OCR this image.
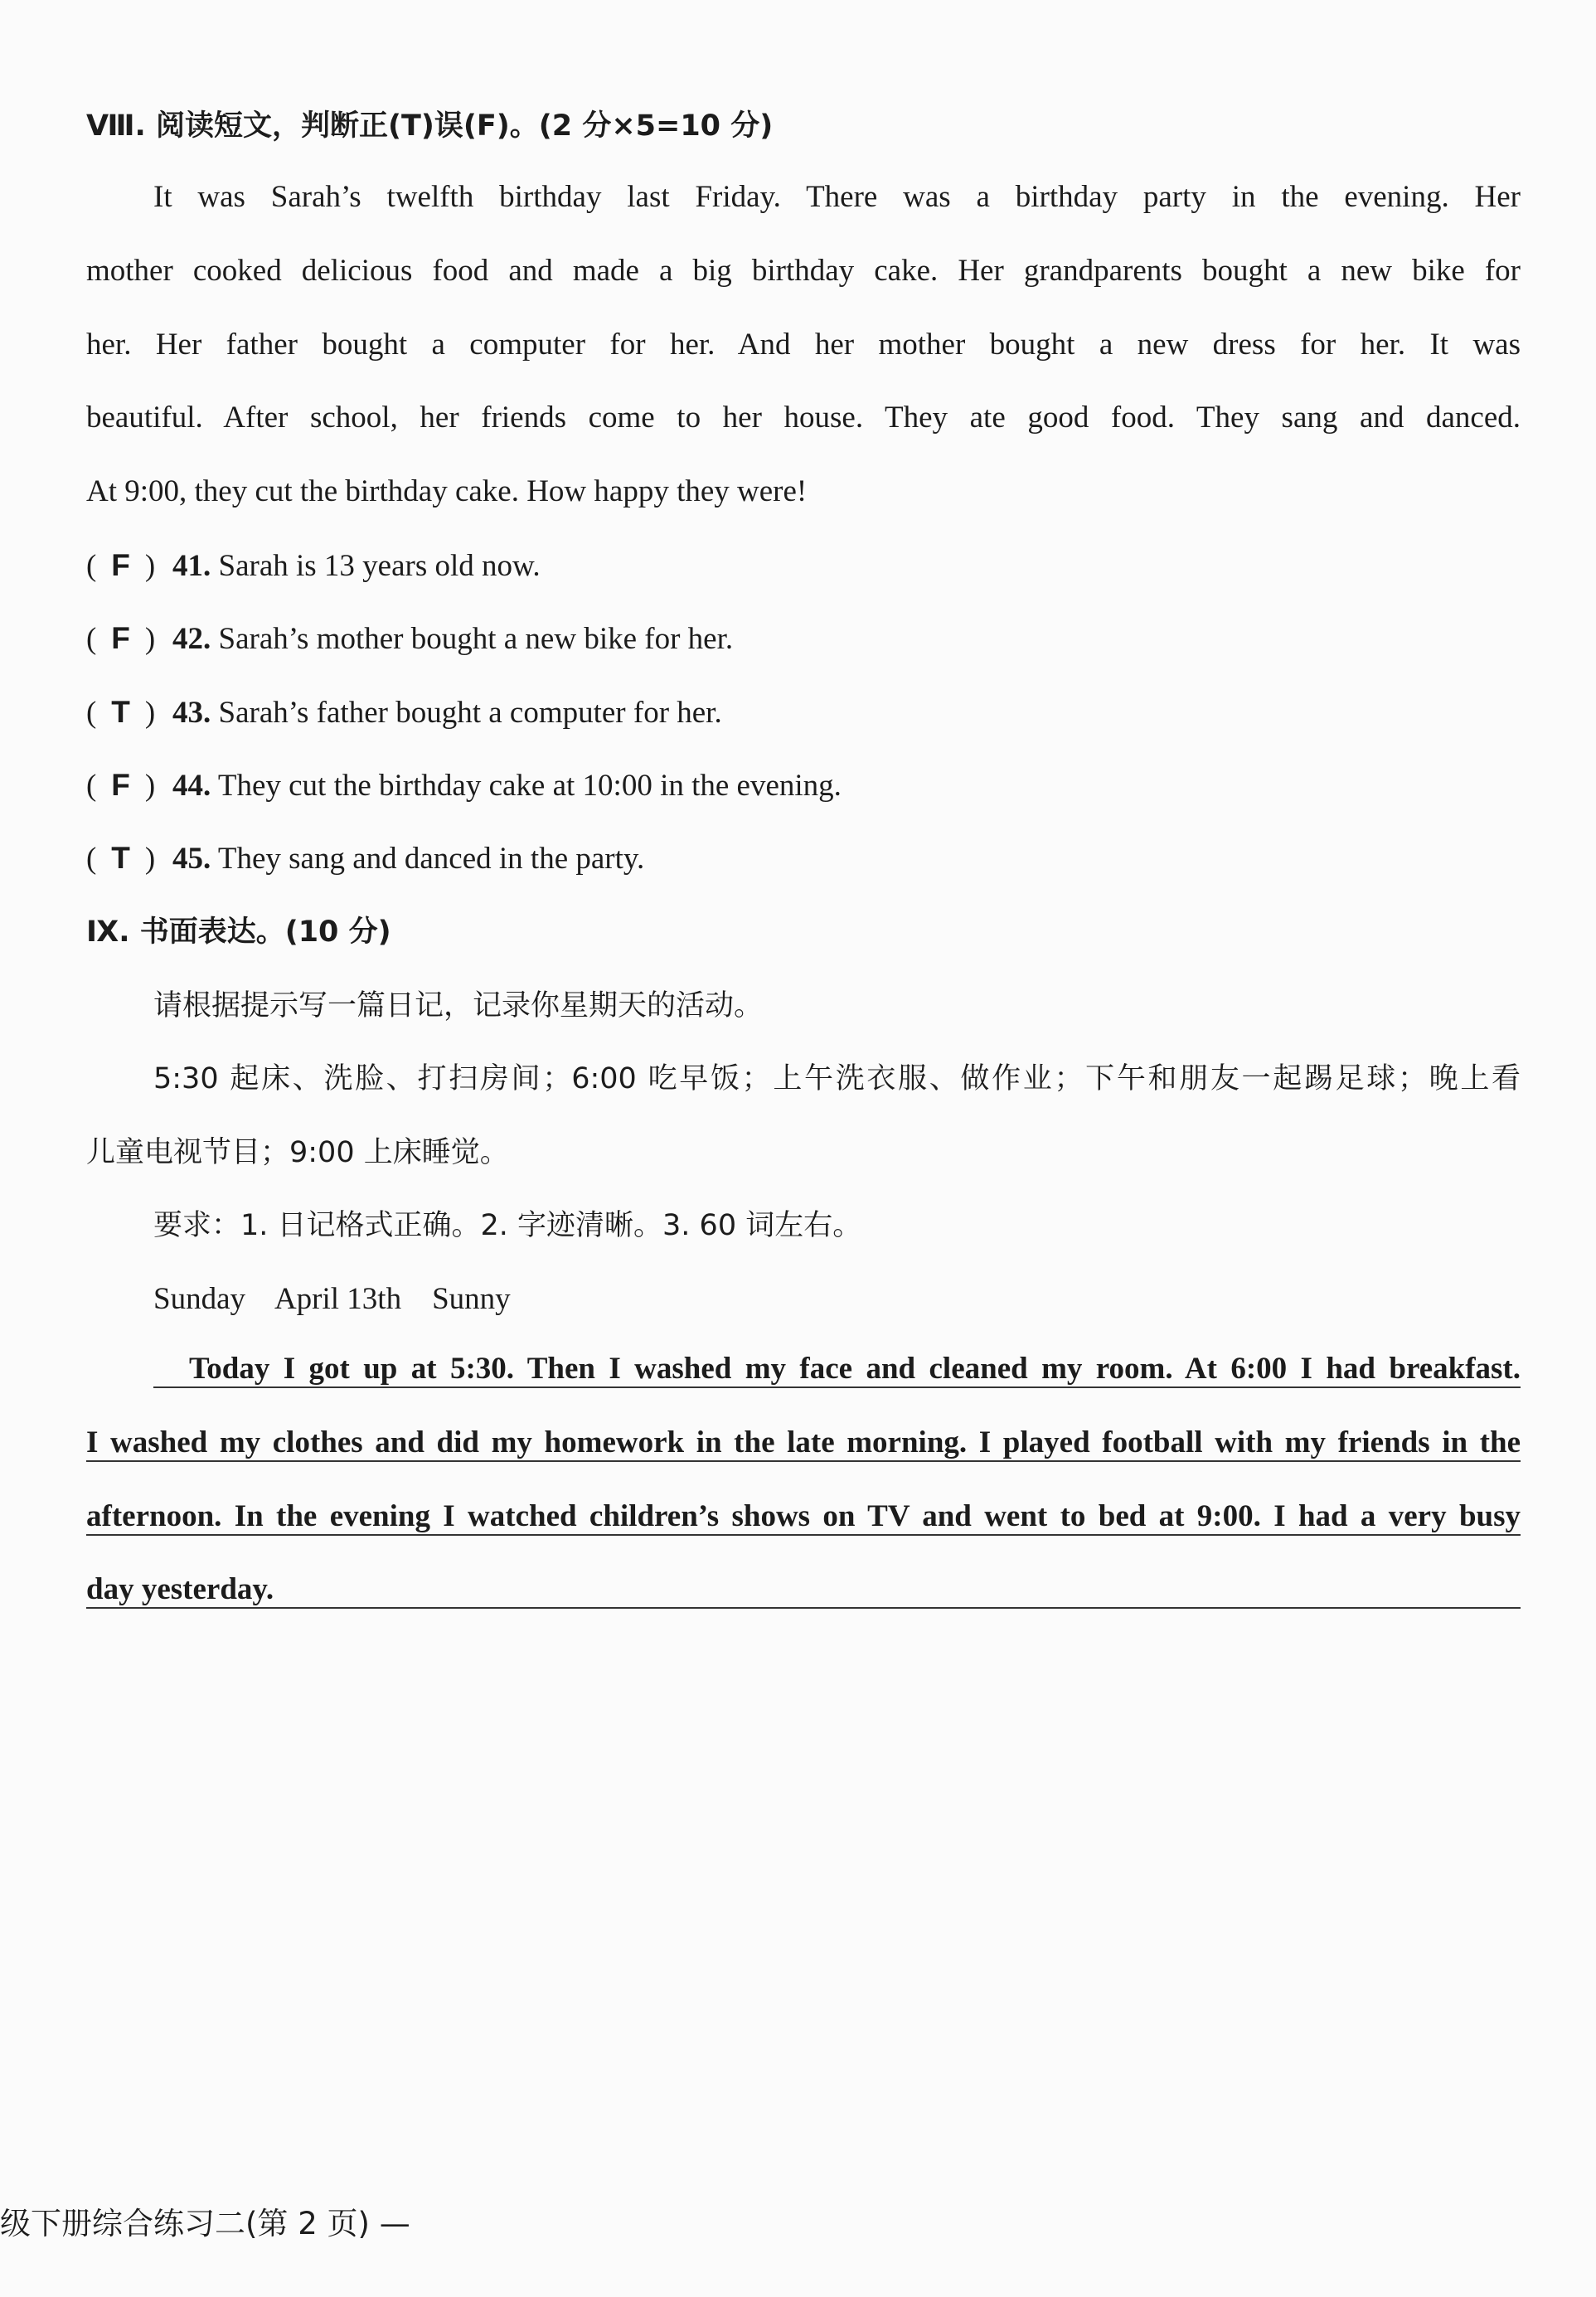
Ⅷ. 阅读短文，判断正(T)误(F)。(2 分×5=10 分)
It was Sarah’s twelfth birthday last Friday. There was a birthday party in the evening. Her
mother cooked delicious food and made a big birthday cake. Her grandparents bought a new bike for
her. Her father bought a computer for her. And her mother bought a new dress for her. It was
beautiful. After school, her friends come to her house. They ate good food. They sang and danced.
At 9:00, they cut the birthday cake. How happy they were!
( F ) 41. Sarah is 13 years old now.
( F ) 42. Sarah’s mother bought a new bike for her.
( T ) 43. Sarah’s father bought a computer for her.
( F ) 44. They cut the birthday cake at 10:00 in the evening.
( T ) 45. They sang and danced in the party.
Ⅸ. 书面表达。(10 分)
请根据提示写一篇日记，记录你星期天的活动。
5:30 起床、洗脸、打扫房间；6:00 吃早饭；上午洗衣服、做作业；下午和朋友一起踢足球；晚上看
儿童电视节目；9:00 上床睡觉。
要求：1. 日记格式正确。2. 字迹清晰。3. 60 词左右。
Sunday    April 13th    Sunny
Today I got up at 5:30. Then I washed my face and cleaned my room. At 6:00 I had breakfast.
I washed my clothes and did my homework in the late morning. I played football with my friends in the
afternoon. In the evening I watched children’s shows on TV and went to bed at 9:00. I had a very busy
day yesterday.
级下册综合练习二(第 2 页) —
